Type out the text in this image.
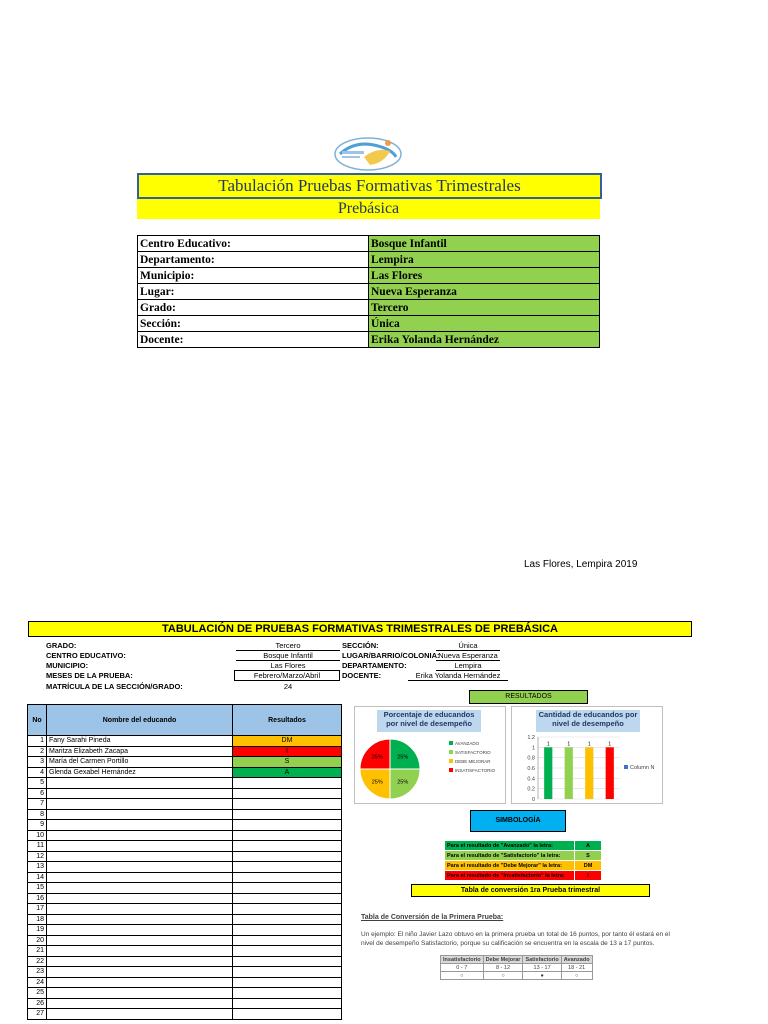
Tabulación Pruebas Formativas Trimestrales
Prebásica
Centro Educativo:	Bosque Infantil
Departamento:	Lempira
Municipio:	Las Flores
Lugar:	Nueva Esperanza
Grado:	Tercero
Sección:	Única
Docente:	Erika Yolanda Hernández
Las Flores, Lempira 2019
TABULACIÓN DE PRUEBAS FORMATIVAS TRIMESTRALES DE PREBÁSICA
GRADO:	Tercero
CENTRO EDUCATIVO:	Bosque Infantil
MUNICIPIO:	Las Flores
MESES DE LA PRUEBA:	Febrero/Marzo/Abril
MATRÍCULA DE LA SECCIÓN/GRADO:	24
SECCIÓN:	Única
LUGAR/BARRIO/COLONIA:
Nueva Esperanza
DEPARTAMENTO:	Lempira
DOCENTE:	Erika Yolanda Hernández
RESULTADOS
No	Nombre del educando	Resultados
1	Fany Sarahi Pineda	DM
2	Maritza Elizabeth Zacapa	I
3	María del Carmen Portillo	S
4	Glenda Gexabel Hernández	A
5		
6		
7		
8		
9		
10		
11		
12		
13		
14		
15		
16		
17		
18		
19		
20		
21		
22		
23		
24		
25		
26		
27		
Porcentaje de educandos por nivel de desempeño
25%
25%
25%
25%
AVANZADO
SATISFACTORIO
DEBE MEJORAR
INSATISFACTORIO
Cantidad de educandos por nivel de desempeño
0
0.2
0.4
0.6
0.8
1
1.2
1	1	1	1
Column N
SIMBOLOGÍA
Para el resultado de "Avanzado" la letra:	A
Para el resultado de "Satisfactorio" la letra:	S
Para el resultado de "Debe Mejorar" la letra:	DM
Para el resultado de "Insatisfactorio" la letra:	I
Tabla de conversión 1ra Prueba trimestral
Tabla de Conversión de la Primera Prueba:
Un ejemplo: El niño Javier Lazo obtuvo en la primera prueba un total de 16 puntos, por tanto él estará en el nivel de desempeño Satisfactorio, porque su calificación se encuentra en la escala de 13 a 17 puntos.
Insatisfactorio	Debe Mejorar	Satisfactorio	Avanzado
0 - 7	8 - 12	13 - 17	18 - 21
○	○	●	○
